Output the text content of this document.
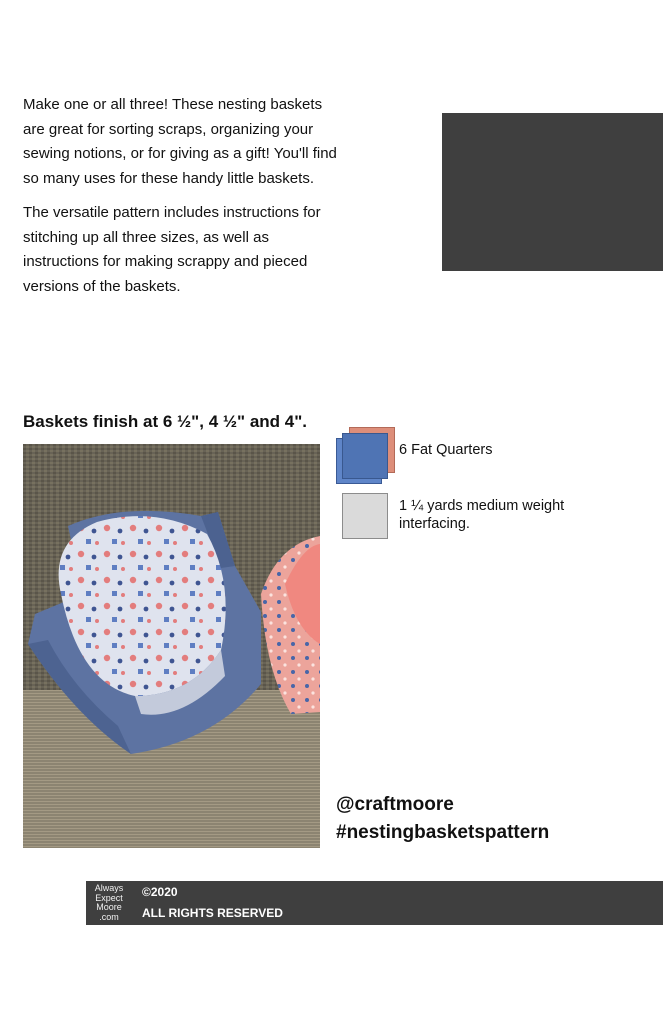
Make one or all three! These nesting baskets are great for sorting scraps, organizing your sewing notions, or for giving as a gift! You'll find so many uses for these handy little baskets.

The versatile pattern includes instructions for stitching up all three sizes, as well as instructions for making scrappy and pieced versions of the baskets.

Baskets finish at 6 ½", 4 ½" and 4".
6 Fat Quarters
1 ¼ yards medium weight
interfacing.

@craftmoore

#nestingbasketspattern

Always
Expect
Moore
.com
©2020
ALL RIGHTS RESERVED
